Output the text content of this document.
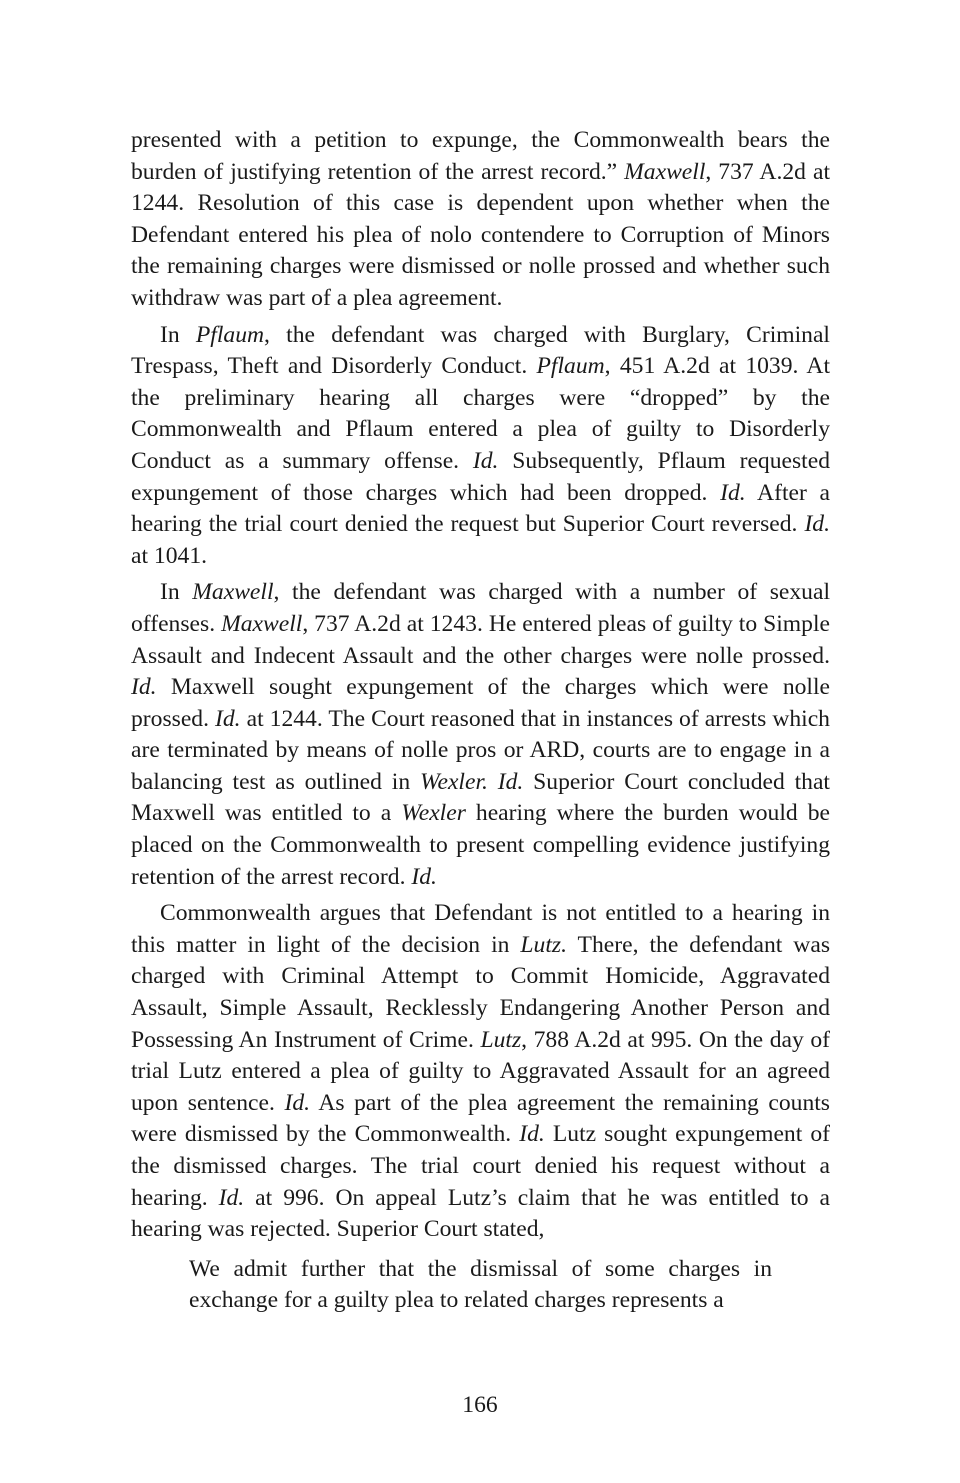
presented with a petition to expunge, the Commonwealth bears the burden of justifying retention of the arrest record.” Maxwell, 737 A.2d at 1244. Resolution of this case is dependent upon whether when the Defendant entered his plea of nolo contendere to Corruption of Minors the remaining charges were dismissed or nolle prossed and whether such withdraw was part of a plea agreement.

In Pflaum, the defendant was charged with Burglary, Criminal Trespass, Theft and Disorderly Conduct. Pflaum, 451 A.2d at 1039. At the preliminary hearing all charges were “dropped” by the Commonwealth and Pflaum entered a plea of guilty to Disorderly Conduct as a summary offense. Id. Subsequently, Pflaum requested expungement of those charges which had been dropped. Id. After a hearing the trial court denied the request but Superior Court reversed. Id. at 1041.

In Maxwell, the defendant was charged with a number of sexual offenses. Maxwell, 737 A.2d at 1243. He entered pleas of guilty to Simple Assault and Indecent Assault and the other charges were nolle prossed. Id. Maxwell sought expungement of the charges which were nolle prossed. Id. at 1244. The Court reasoned that in instances of arrests which are terminated by means of nolle pros or ARD, courts are to engage in a balancing test as outlined in Wexler. Id. Superior Court concluded that Maxwell was entitled to a Wexler hearing where the burden would be placed on the Commonwealth to present compelling evidence justifying retention of the arrest record. Id.

Commonwealth argues that Defendant is not entitled to a hearing in this matter in light of the decision in Lutz. There, the defendant was charged with Criminal Attempt to Commit Homicide, Aggravated Assault, Simple Assault, Recklessly Endangering Another Person and Possessing An Instrument of Crime. Lutz, 788 A.2d at 995. On the day of trial Lutz entered a plea of guilty to Aggravated Assault for an agreed upon sentence. Id. As part of the plea agreement the remaining counts were dismissed by the Commonwealth. Id. Lutz sought expungement of the dismissed charges. The trial court denied his request without a hearing. Id. at 996. On appeal Lutz’s claim that he was entitled to a hearing was rejected. Superior Court stated,

We admit further that the dismissal of some charges in exchange for a guilty plea to related charges represents a
166
